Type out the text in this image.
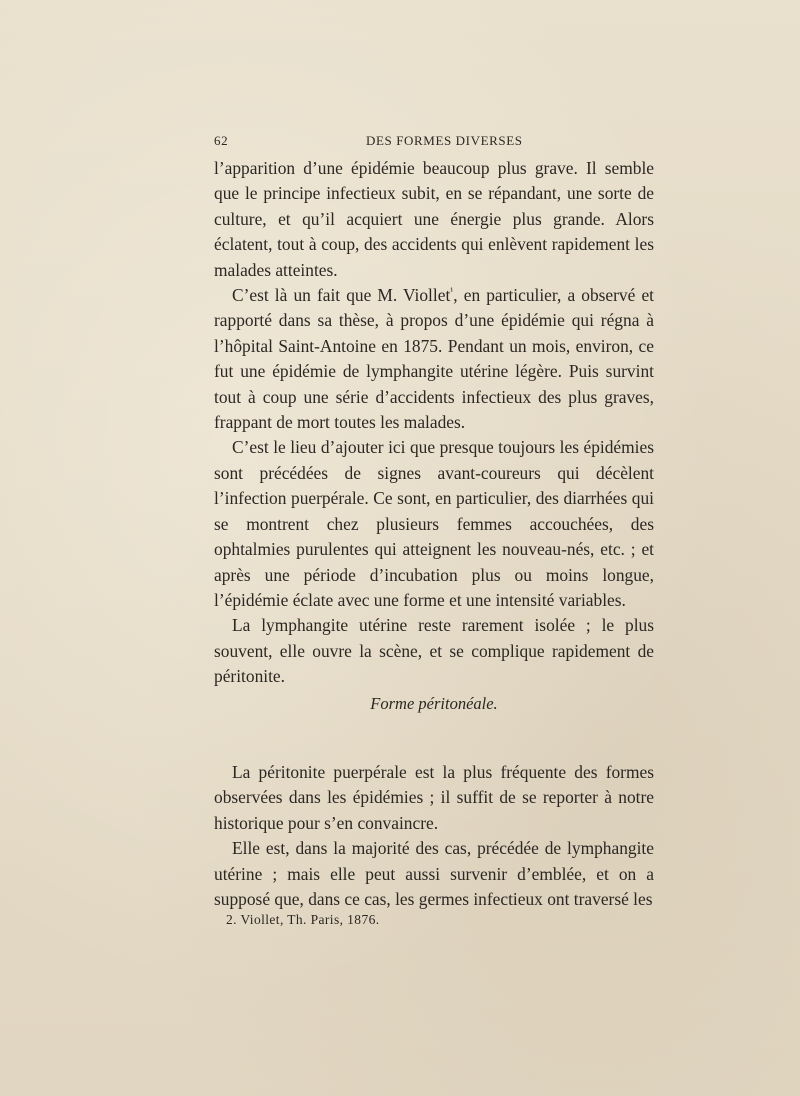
62	DES FORMES DIVERSES

l’apparition d’une épidémie beaucoup plus grave. Il semble que le principe infectieux subit, en se répandant, une sorte de culture, et qu’il acquiert une énergie plus grande. Alors éclatent, tout à coup, des accidents qui enlèvent rapidement les malades atteintes.

C’est là un fait que M. Viollet$^{^1}$, en particulier, a observé et rapporté dans sa thèse, à propos d’une épidémie qui régna à l’hôpital Saint-Antoine en 1875. Pendant un mois, environ, ce fut une épidémie de lymphangite utérine légère. Puis survint tout à coup une série d’accidents infectieux des plus graves, frappant de mort toutes les malades.

C’est le lieu d’ajouter ici que presque toujours les épidémies sont précédées de signes avant-coureurs qui décèlent l’infection puerpérale. Ce sont, en particulier, des diarrhées qui se montrent chez plusieurs femmes accouchées, des ophtalmies purulentes qui atteignent les nouveau-nés, etc. ; et après une période d’incubation plus ou moins longue, l’épidémie éclate avec une forme et une intensité variables.

La lymphangite utérine reste rarement isolée ; le plus souvent, elle ouvre la scène, et se complique rapidement de péritonite.

Forme péritonéale.

La péritonite puerpérale est la plus fréquente des formes observées dans les épidémies ; il suffit de se reporter à notre historique pour s’en convaincre.

Elle est, dans la majorité des cas, précédée de lymphangite utérine ; mais elle peut aussi survenir d’emblée, et on a supposé que, dans ce cas, les germes infectieux ont traversé les

2. Viollet, Th. Paris, 1876.
